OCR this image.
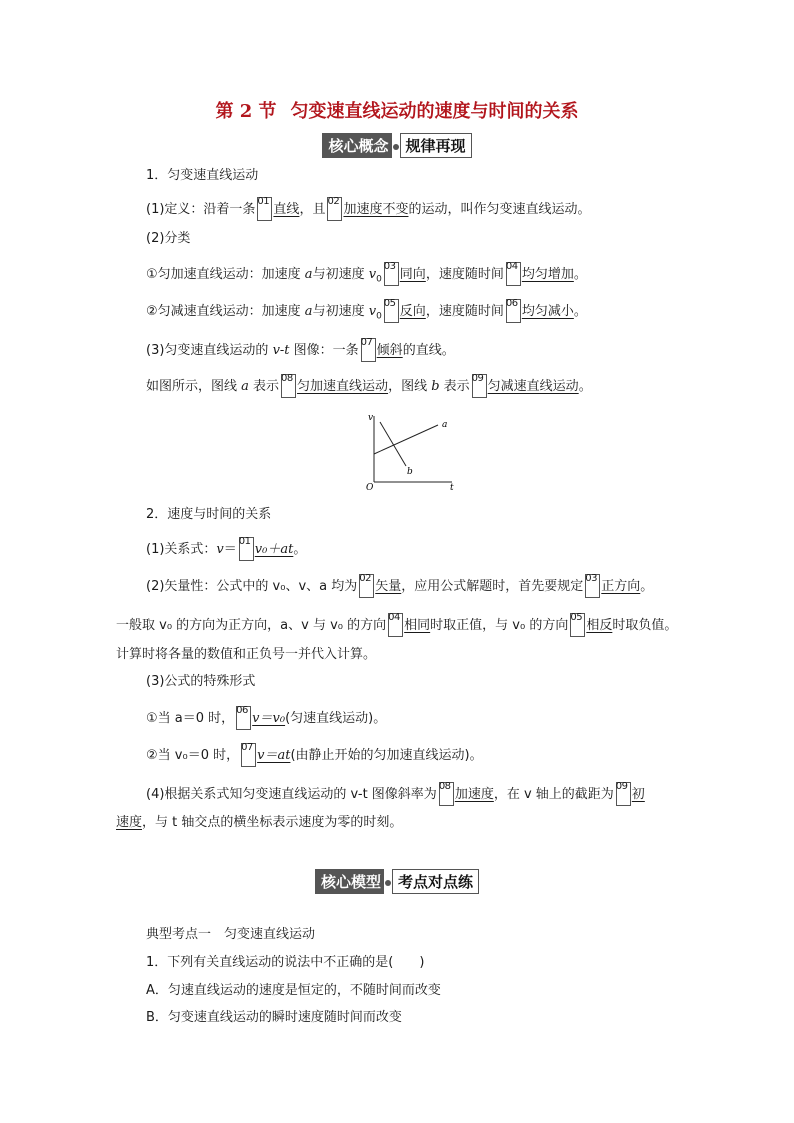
第 2 节 匀变速直线运动的速度与时间的关系
核心概念 规律再现
1．匀变速直线运动
(1)定义：沿着一条
01
直线，且
02
加速度不变的运动，叫作匀变速直线运动。
(2)分类
①匀加速直线运动：加速度 a与初速度 $v_0$
03
同向，速度随时间
04
均匀增加。
②匀减速直线运动：加速度 a与初速度 $v_0$
05
反向，速度随时间
06
均匀减小。
(3)匀变速直线运动的 v-t 图像：一条
07
倾斜的直线。
如图所示，图线 a 表示
08
匀加速直线运动，图线 b 表示
09
匀减速直线运动。
v
t
O
a
b
2．速度与时间的关系
(1)关系式：v＝
01
v₀＋at。
(2)矢量性：公式中的 v₀、v、a 均为
02
矢量，应用公式解题时，首先要规定
03
正方向。
一般取 v₀ 的方向为正方向，a、v 与 v₀ 的方向
04
相同时取正值，与 v₀ 的方向
05
相反时取负值。
计算时将各量的数值和正负号一并代入计算。
(3)公式的特殊形式
①当 a＝0 时，
06
v＝v₀(匀速直线运动)。
②当 v₀＝0 时，
07
v＝at(由静止开始的匀加速直线运动)。
(4)根据关系式知匀变速直线运动的 v-t 图像斜率为
08
加速度，在 v 轴上的截距为
09
初
速度，与 t 轴交点的横坐标表示速度为零的时刻。
核心模型 考点对点练
典型考点一　匀变速直线运动
1．下列有关直线运动的说法中不正确的是(　　)
A．匀速直线运动的速度是恒定的，不随时间而改变
B．匀变速直线运动的瞬时速度随时间而改变
